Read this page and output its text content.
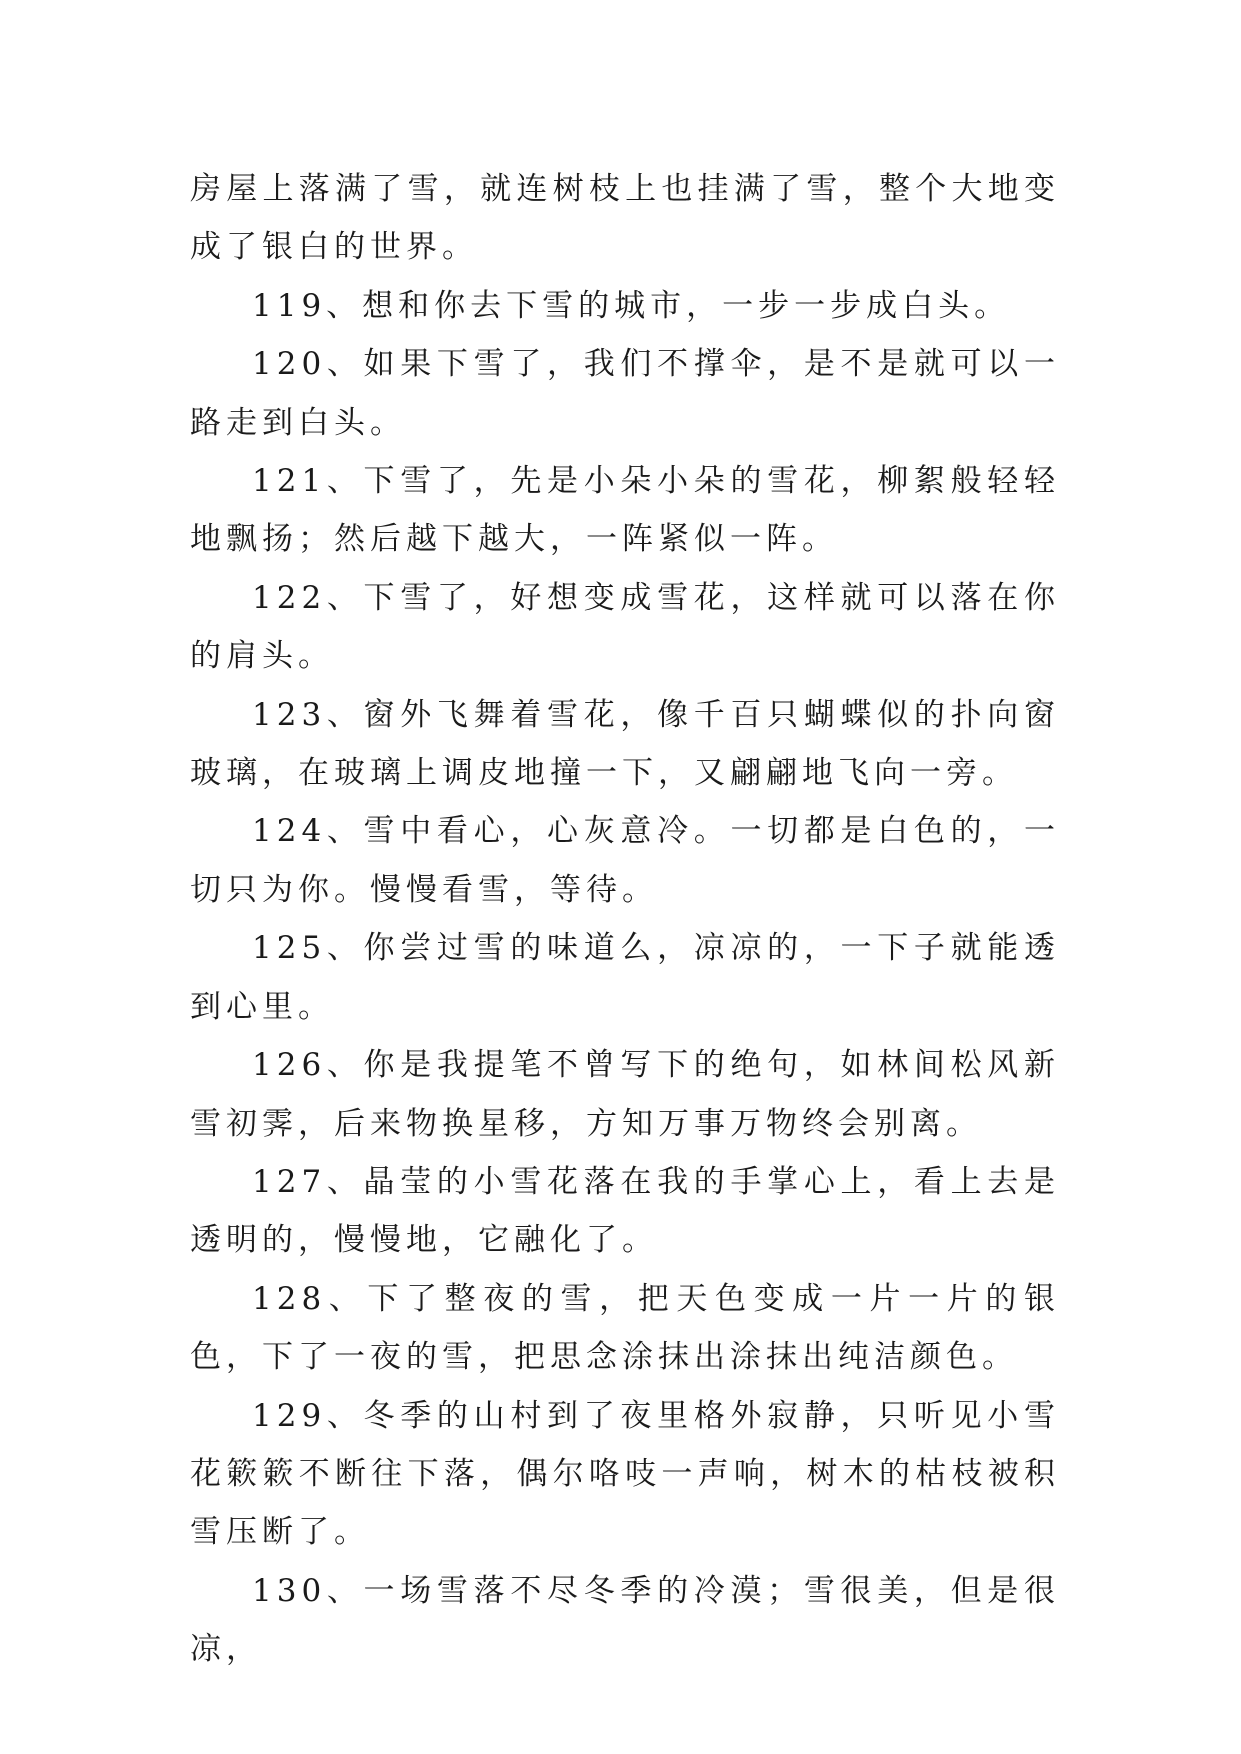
房屋上落满了雪，就连树枝上也挂满了雪，整个大地变成了银白的世界。

119、想和你去下雪的城市，一步一步成白头。

120、如果下雪了，我们不撑伞，是不是就可以一路走到白头。

121、下雪了，先是小朵小朵的雪花，柳絮般轻轻地飘扬；然后越下越大，一阵紧似一阵。

122、下雪了，好想变成雪花，这样就可以落在你的肩头。

123、窗外飞舞着雪花，像千百只蝴蝶似的扑向窗玻璃，在玻璃上调皮地撞一下，又翩翩地飞向一旁。

124、雪中看心，心灰意冷。一切都是白色的，一切只为你。慢慢看雪，等待。

125、你尝过雪的味道么，凉凉的，一下子就能透到心里。

126、你是我提笔不曾写下的绝句，如林间松风新雪初霁，后来物换星移，方知万事万物终会别离。

127、晶莹的小雪花落在我的手掌心上，看上去是透明的，慢慢地，它融化了。

128、下了整夜的雪，把天色变成一片一片的银色，下了一夜的雪，把思念涂抹出涂抹出纯洁颜色。

129、冬季的山村到了夜里格外寂静，只听见小雪花簌簌不断往下落，偶尔咯吱一声响，树木的枯枝被积雪压断了。

130、一场雪落不尽冬季的冷漠；雪很美，但是很凉，
